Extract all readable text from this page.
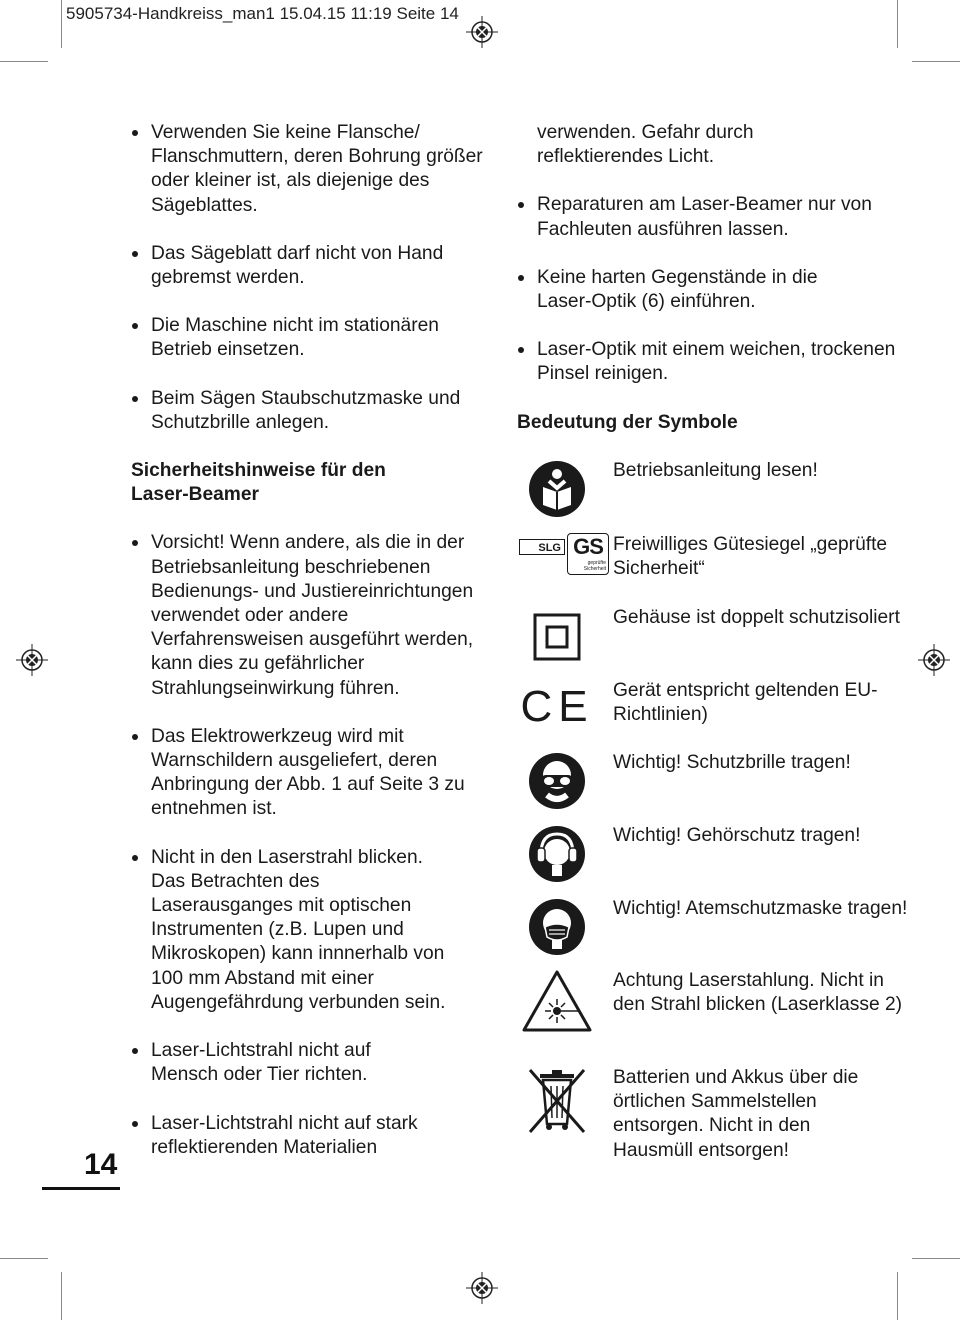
5905734-Handkreiss_man1 15.04.15 11:19 Seite 14
Verwenden Sie keine Flansche/ Flanschmuttern, deren Bohrung größer oder kleiner ist, als diejenige des Sägeblattes.
Das Sägeblatt darf nicht von Hand gebremst werden.
Die Maschine nicht im stationären Betrieb einsetzen.
Beim Sägen Staubschutzmaske und Schutzbrille anlegen.

Sicherheitshinweise für den Laser-Beamer

Vorsicht! Wenn andere, als die in der Betriebsanleitung beschriebenen Bedienungs- und Justiereinrichtungen verwendet oder andere Verfahrensweisen ausgeführt werden, kann dies zu gefährlicher Strahlungseinwirkung führen.
Das Elektrowerkzeug wird mit Warnschildern ausgeliefert, deren Anbringung der Abb. 1 auf Seite 3 zu entnehmen ist.
Nicht in den Laserstrahl blicken. Das Betrachten des Laserausganges mit optischen Instrumenten (z.B. Lupen und Mikroskopen) kann innnerhalb von 100 mm Abstand mit einer Augengefährdung verbunden sein.
Laser-Lichtstrahl nicht auf Mensch oder Tier richten.
Laser-Lichtstrahl nicht auf stark reflektierenden Materialien

verwenden. Gefahr durch reflektierendes Licht.

Reparaturen am Laser-Beamer nur von Fachleuten ausführen lassen.
Keine harten Gegenstände in die Laser-Optik (6) einführen.
Laser-Optik mit einem weichen, trockenen Pinsel reinigen.

Bedeutung der Symbole

Betriebsanleitung lesen!
SLG GS
geprüfte Sicherheit
Freiwilliges Gütesiegel „geprüfte Sicherheit“
Gehäuse ist doppelt schutzisoliert
CE Gerät entspricht geltenden EU-Richtlinien)
Wichtig! Schutzbrille tragen!
Wichtig! Gehörschutz tragen!
Wichtig! Atemschutzmaske tragen!
Achtung Laserstahlung. Nicht in den Strahl blicken (Laserklasse 2)
Batterien und Akkus über die örtlichen Sammelstellen entsorgen. Nicht in den Hausmüll entsorgen!
14
